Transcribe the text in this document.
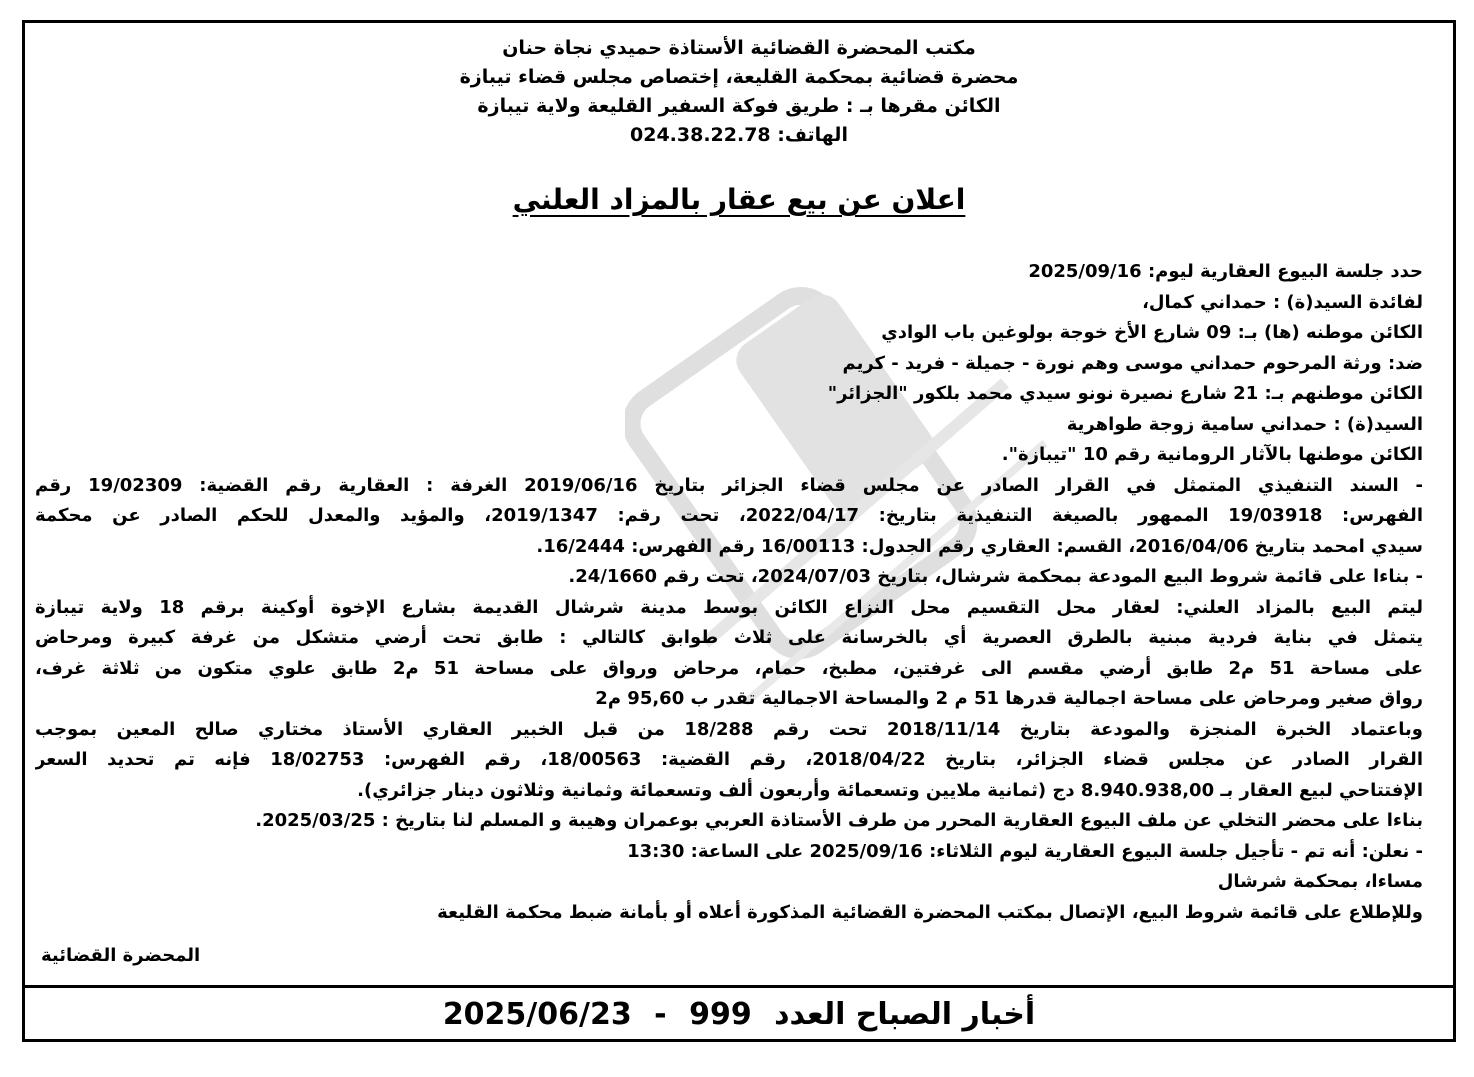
مكتب المحضرة القضائية الأستاذة حميدي نجاة حنان
محضرة قضائية بمحكمة القليعة، إختصاص مجلس قضاء تيبازة
الكائن مقرها بـ : طريق فوكة السفير القليعة ولاية تيبازة
الهاتف: 024.38.22.78
اعلان عن بيع عقار بالمزاد العلني
حدد جلسة البيوع العقارية ليوم: 2025/09/16
لفائدة السيد(ة) : حمداني كمال،
الكائن موطنه (ها) بـ: 09 شارع الأخ خوجة بولوغين باب الوادي
ضد: ورثة المرحوم حمداني موسى وهم نورة - جميلة - فريد - كريم
الكائن موطنهم بـ: 21 شارع نصيرة نونو سيدي محمد بلكور "الجزائر"
السيد(ة) : حمداني سامية زوجة طواهرية
الكائن موطنها بالآثار الرومانية رقم 10 "تيبازة".
- السند التنفيذي المتمثل في القرار الصادر عن مجلس قضاء الجزائر بتاريخ 2019/06/16 الغرفة : العقارية رقم القضية: 19/02309 رقم
الفهرس: 19/03918 الممهور بالصيغة التنفيذية بتاريخ: 2022/04/17، تحت رقم: 2019/1347، والمؤيد والمعدل للحكم الصادر عن محكمة
سيدي امحمد بتاريخ 2016/04/06، القسم: العقاري رقم الجدول: 16/00113 رقم الفهرس: 16/2444.
- بناءا على قائمة شروط البيع المودعة بمحكمة شرشال، بتاريخ 2024/07/03، تحت رقم 24/1660.
ليتم البيع بالمزاد العلني: لعقار محل التقسيم محل النزاع الكائن بوسط مدينة شرشال القديمة بشارع الإخوة أوكينة برقم 18 ولاية تيبازة
يتمثل في بناية فردية مبنية بالطرق العصرية أي بالخرسانة على ثلاث طوابق كالتالي : طابق تحت أرضي متشكل من غرفة كبيرة ومرحاض
على مساحة 51 م2 طابق أرضي مقسم الى غرفتين، مطبخ، حمام، مرحاض ورواق على مساحة 51 م2 طابق علوي متكون من ثلاثة غرف،
رواق صغير ومرحاض على مساحة اجمالية قدرها 51 م 2 والمساحة الاجمالية تقدر ب 95,60 م2
وباعتماد الخبرة المنجزة والمودعة بتاريخ 2018/11/14 تحت رقم 18/288 من قبل الخبير العقاري الأستاذ مختاري صالح المعين بموجب
القرار الصادر عن مجلس قضاء الجزائر، بتاريخ 2018/04/22، رقم القضية: 18/00563، رقم الفهرس: 18/02753 فإنه تم تحديد السعر
الإفتتاحي لبيع العقار بـ 8.940.938,00 دج (ثمانية ملايين وتسعمائة وأربعون ألف وتسعمائة وثمانية وثلاثون دينار جزائري).
بناءا على محضر التخلي عن ملف البيوع العقارية المحرر من طرف الأستاذة العربي بوعمران وهيبة و المسلم لنا بتاريخ : 2025/03/25.
- نعلن: أنه تم - تأجيل جلسة البيوع العقارية ليوم الثلاثاء: 2025/09/16 على الساعة: 13:30
مساءا، بمحكمة شرشال
وللإطلاع على قائمة شروط البيع، الإتصال بمكتب المحضرة القضائية المذكورة أعلاه أو بأمانة ضبط محكمة القليعة
المحضرة القضائية
2025/06/23 - 999 أخبار الصباح العدد
